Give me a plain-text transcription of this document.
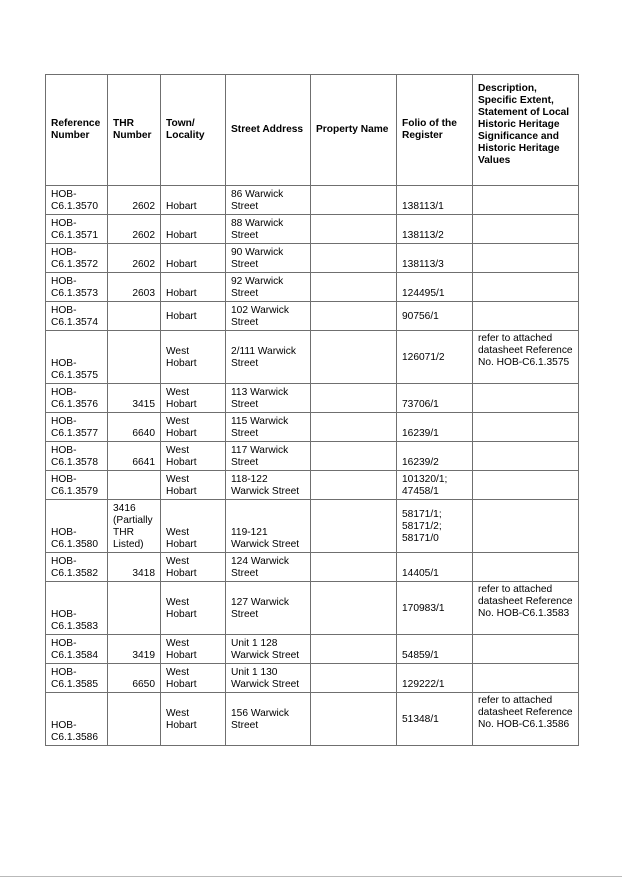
Reference Number	THR Number	Town/ Locality	Street Address	Property Name	Folio of the Register	Description, Specific Extent, Statement of Local Historic Heritage Significance and Historic Heritage Values
HOB-C6.1.3570	2602	Hobart	86 Warwick Street		138113/1	
HOB-C6.1.3571	2602	Hobart	88 Warwick Street		138113/2	
HOB-C6.1.3572	2602	Hobart	90 Warwick Street		138113/3	
HOB-C6.1.3573	2603	Hobart	92 Warwick Street		124495/1	
HOB-C6.1.3574		Hobart	102 Warwick Street		90756/1	
HOB-C6.1.3575		West Hobart	2/111 Warwick Street		126071/2	refer to attached datasheet Reference No. HOB-C6.1.3575
HOB-C6.1.3576	3415	West Hobart	113 Warwick Street		73706/1	
HOB-C6.1.3577	6640	West Hobart	115 Warwick Street		16239/1	
HOB-C6.1.3578	6641	West Hobart	117 Warwick Street		16239/2	
HOB-C6.1.3579		West Hobart	118-122 Warwick Street		101320/1; 47458/1	
HOB-C6.1.3580	3416 (Partially THR Listed)	West Hobart	119-121 Warwick Street		58171/1; 58171/2; 58171/0	
HOB-C6.1.3582	3418	West Hobart	124 Warwick Street		14405/1	
HOB-C6.1.3583		West Hobart	127 Warwick Street		170983/1	refer to attached datasheet Reference No. HOB-C6.1.3583
HOB-C6.1.3584	3419	West Hobart	Unit 1 128 Warwick Street		54859/1	
HOB-C6.1.3585	6650	West Hobart	Unit 1 130 Warwick Street		129222/1	
HOB-C6.1.3586		West Hobart	156 Warwick Street		51348/1	refer to attached datasheet Reference No. HOB-C6.1.3586
